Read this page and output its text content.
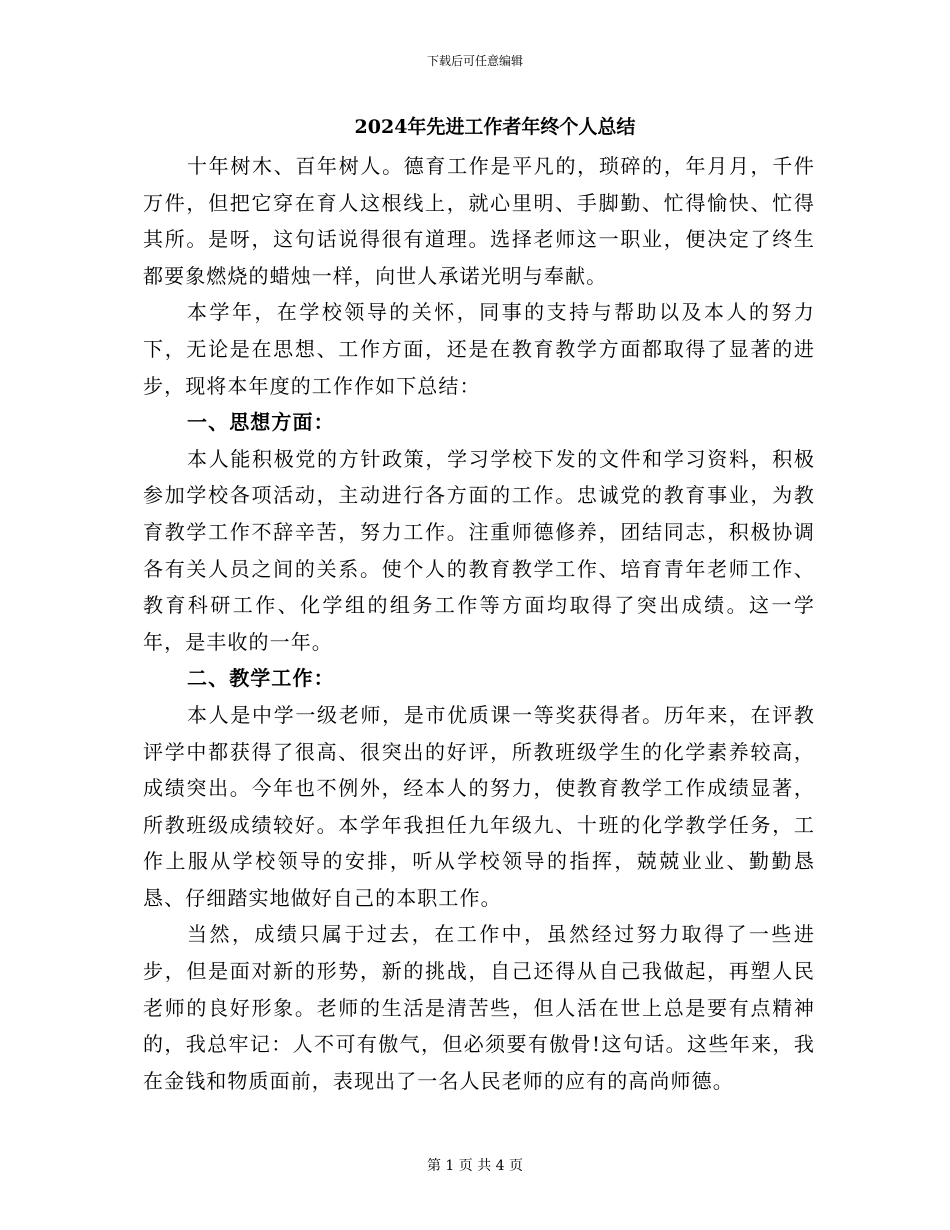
下载后可任意编辑
2024年先进工作者年终个人总结

十年树木、百年树人。德育工作是平凡的，琐碎的，年月月，千件万件，但把它穿在育人这根线上，就心里明、手脚勤、忙得愉快、忙得其所。是呀，这句话说得很有道理。选择老师这一职业，便决定了终生都要象燃烧的蜡烛一样，向世人承诺光明与奉献。

本学年，在学校领导的关怀，同事的支持与帮助以及本人的努力下，无论是在思想、工作方面，还是在教育教学方面都取得了显著的进步，现将本年度的工作作如下总结：

一、思想方面：

本人能积极党的方针政策，学习学校下发的文件和学习资料，积极参加学校各项活动，主动进行各方面的工作。忠诚党的教育事业，为教育教学工作不辞辛苦，努力工作。注重师德修养，团结同志，积极协调各有关人员之间的关系。使个人的教育教学工作、培育青年老师工作、教育科研工作、化学组的组务工作等方面均取得了突出成绩。这一学年，是丰收的一年。

二、教学工作：

本人是中学一级老师，是市优质课一等奖获得者。历年来，在评教评学中都获得了很高、很突出的好评，所教班级学生的化学素养较高，成绩突出。今年也不例外，经本人的努力，使教育教学工作成绩显著，所教班级成绩较好。本学年我担任九年级九、十班的化学教学任务，工作上服从学校领导的安排，听从学校领导的指挥，兢兢业业、勤勤恳恳、仔细踏实地做好自己的本职工作。

当然，成绩只属于过去，在工作中，虽然经过努力取得了一些进步，但是面对新的形势，新的挑战，自己还得从自己我做起，再塑人民老师的良好形象。老师的生活是清苦些，但人活在世上总是要有点精神的，我总牢记：人不可有傲气，但必须要有傲骨!这句话。这些年来，我在金钱和物质面前，表现出了一名人民老师的应有的高尚师德。

第 1 页 共 4 页
